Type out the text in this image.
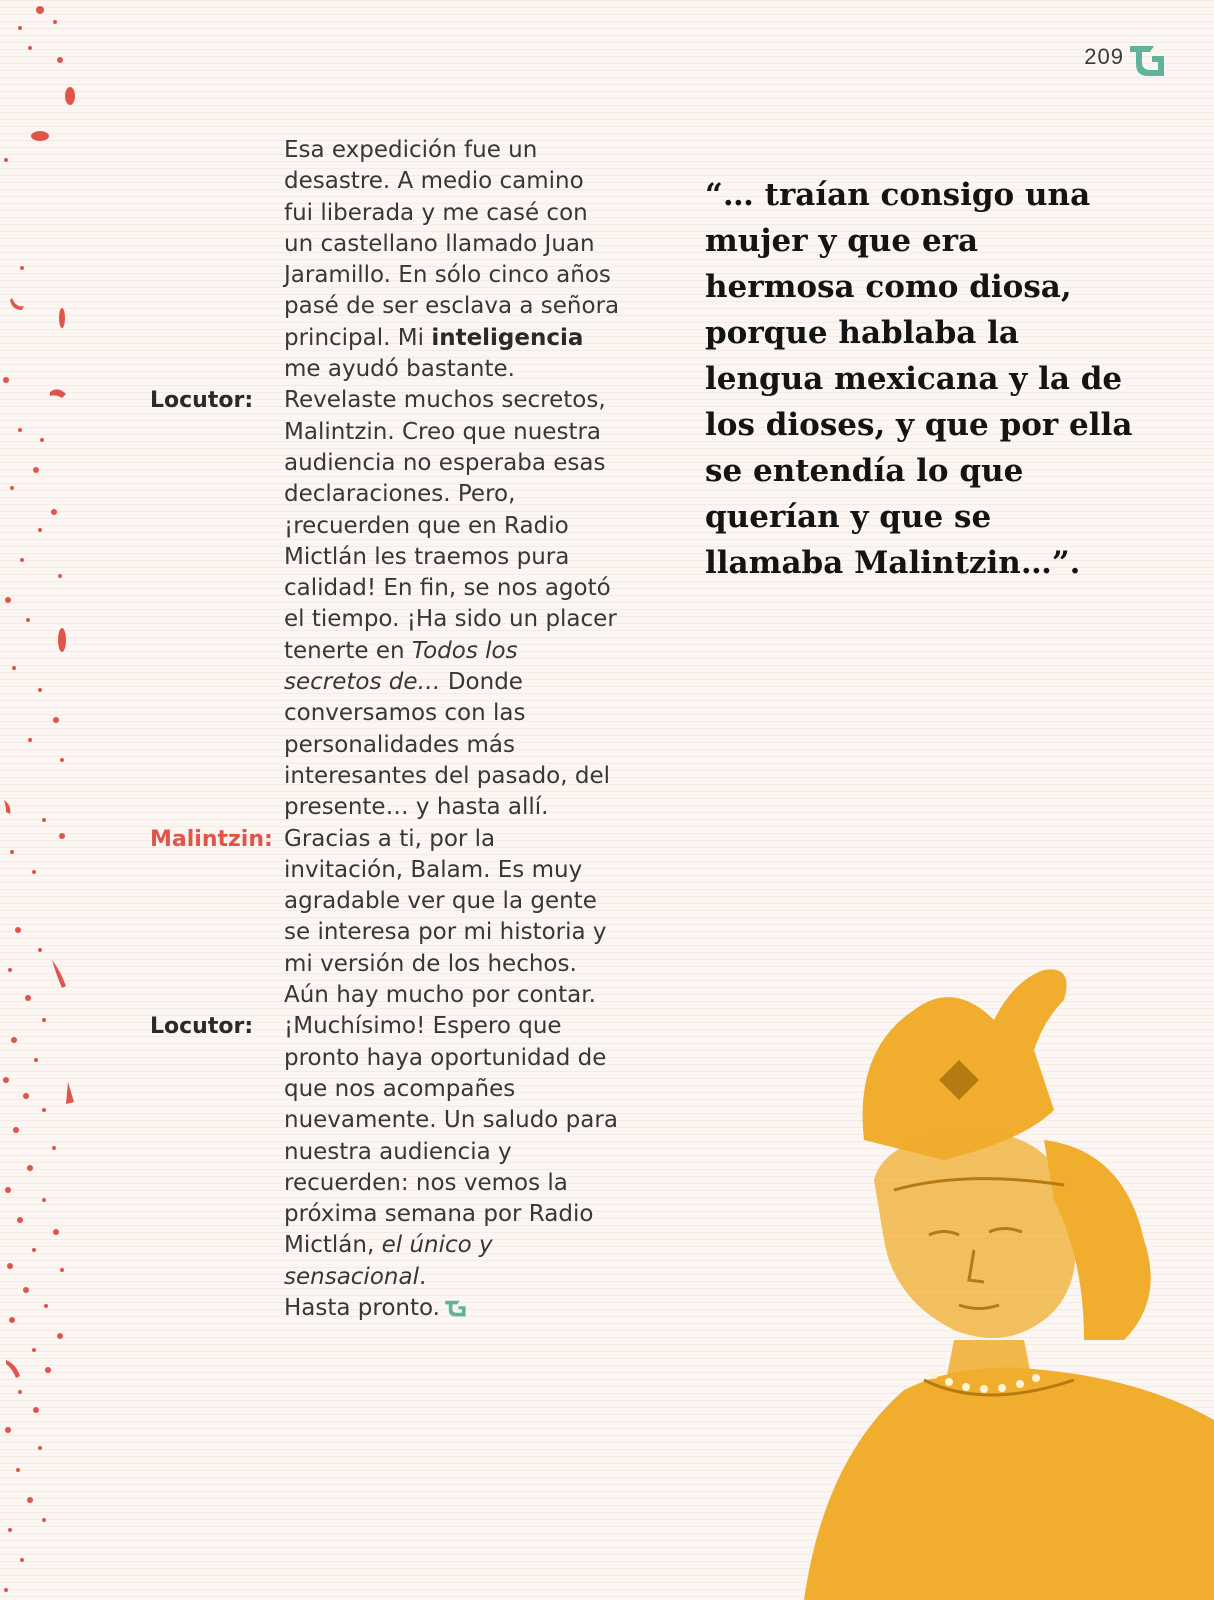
209
Esa expedición fue un desastre. A medio camino fui liberada y me casé con un castellano llamado Juan Jaramillo. En sólo cinco años pasé de ser esclava a señora principal. Mi inteligencia me ayudó bastante.
Locutor:	Revelaste muchos secretos, Malintzin. Creo que nuestra audiencia no esperaba esas declaraciones. Pero, ¡recuerden que en Radio Mictlán les traemos pura calidad! En fin, se nos agotó el tiempo. ¡Ha sido un placer tenerte en Todos los secretos de… Donde conversamos con las personalidades más interesantes del pasado, del presente… y hasta allí.
Malintzin: Gracias a ti, por la invitación, Balam. Es muy agradable ver que la gente se interesa por mi historia y mi versión de los hechos. Aún hay mucho por contar.
Locutor:	¡Muchísimo! Espero que pronto haya oportunidad de que nos acompañes nuevamente. Un saludo para nuestra audiencia y recuerden: nos vemos la próxima semana por Radio Mictlán, el único y sensacional.
Hasta pronto.
“… traían consigo una mujer y que era hermosa como diosa, porque hablaba la lengua mexicana y la de los dioses, y que por ella se entendía lo que querían y que se llamaba Malintzin…”.
